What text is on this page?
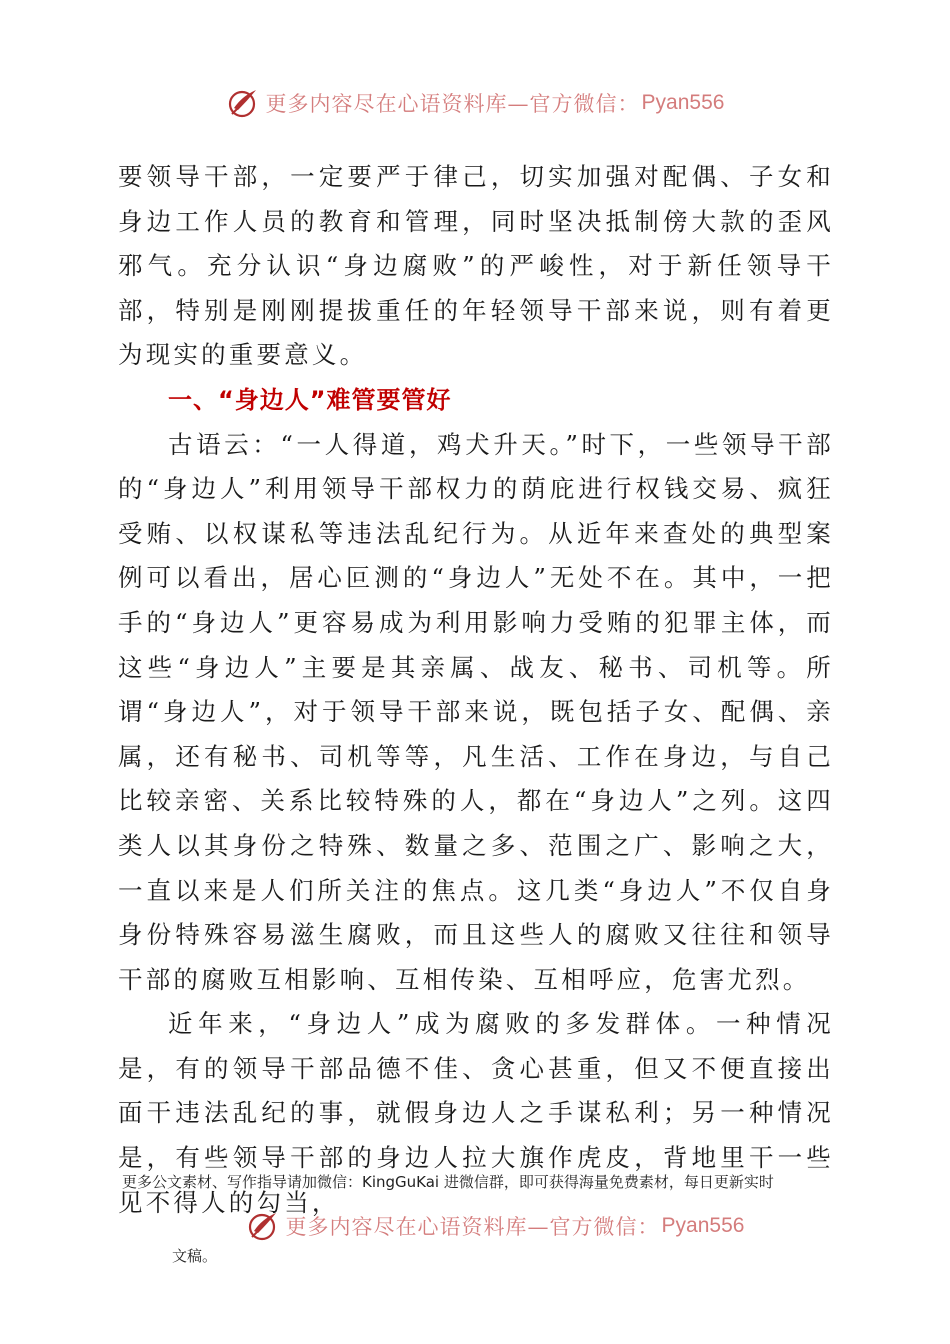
更多内容尽在心语资料库—官方微信： Pyan556

要领导干部，一定要严于律己，切实加强对配偶、子女和身边工作人员的教育和管理，同时坚决抵制傍大款的歪风邪气。充分认识“身边腐败”的严峻性，对于新任领导干部，特别是刚刚提拔重任的年轻领导干部来说，则有着更为现实的重要意义。

一、“身边人”难管要管好

古语云：“一人得道，鸡犬升天。”时下，一些领导干部的“身边人”利用领导干部权力的荫庇进行权钱交易、疯狂受贿、以权谋私等违法乱纪行为。从近年来查处的典型案例可以看出，居心叵测的“身边人”无处不在。其中，一把手的“身边人”更容易成为利用影响力受贿的犯罪主体，而这些“身边人”主要是其亲属、战友、秘书、司机等。所谓“身边人”，对于领导干部来说，既包括子女、配偶、亲属，还有秘书、司机等等，凡生活、工作在身边，与自己比较亲密、关系比较特殊的人，都在“身边人”之列。这四类人以其身份之特殊、数量之多、范围之广、影响之大，一直以来是人们所关注的焦点。这几类“身边人”不仅自身身份特殊容易滋生腐败，而且这些人的腐败又往往和领导干部的腐败互相影响、互相传染、互相呼应，危害尤烈。

近年来，“身边人”成为腐败的多发群体。一种情况是，有的领导干部品德不佳、贪心甚重，但又不便直接出面干违法乱纪的事，就假身边人之手谋私利；另一种情况是，有些领导干部的身边人拉大旗作虎皮，背地里干一些见不得人的勾当，

更多公文素材、写作指导请加微信：KingGuKai 进微信群，即可获得海量免费素材，每日更新实时
更多内容尽在心语资料库—官方微信： Pyan556
文稿。
